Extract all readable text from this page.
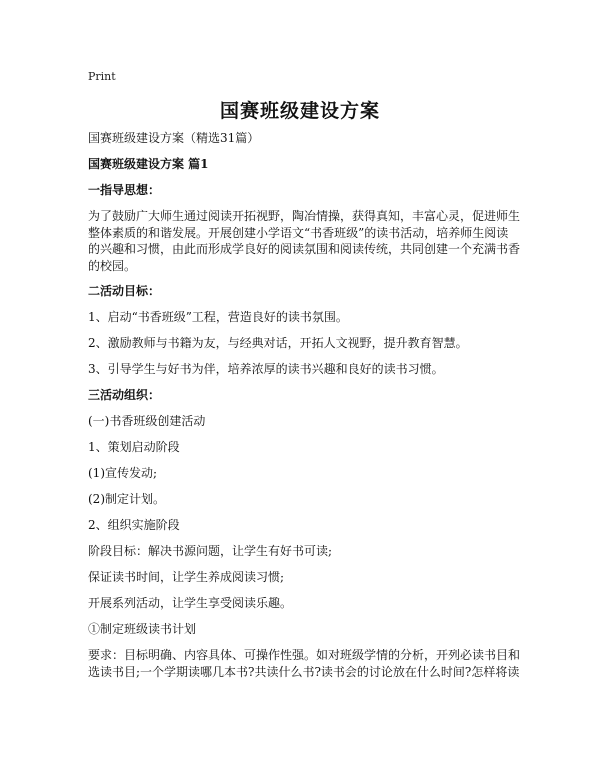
Print
国赛班级建设方案

国赛班级建设方案（精选31篇）

国赛班级建设方案 篇1

一指导思想：

为了鼓励广大师生通过阅读开拓视野，陶冶情操，获得真知，丰富心灵，促进师生整体素质的和谐发展。开展创建小学语文“书香班级”的读书活动，培养师生阅读的兴趣和习惯，由此而形成学良好的阅读氛围和阅读传统，共同创建一个充满书香的校园。

二活动目标：

1、启动“书香班级”工程，营造良好的读书氛围。

2、激励教师与书籍为友，与经典对话，开拓人文视野，提升教育智慧。

3、引导学生与好书为伴，培养浓厚的读书兴趣和良好的读书习惯。

三活动组织：

(一)书香班级创建活动

1、策划启动阶段

(1)宣传发动;

(2)制定计划。

2、组织实施阶段

阶段目标：解决书源问题，让学生有好书可读;

保证读书时间，让学生养成阅读习惯;

开展系列活动，让学生享受阅读乐趣。

①制定班级读书计划

要求：目标明确、内容具体、可操作性强。如对班级学情的分析，开列必读书目和选读书目;一个学期读哪几本书?共读什么书?读书会的讨论放在什么时间?怎样将读
